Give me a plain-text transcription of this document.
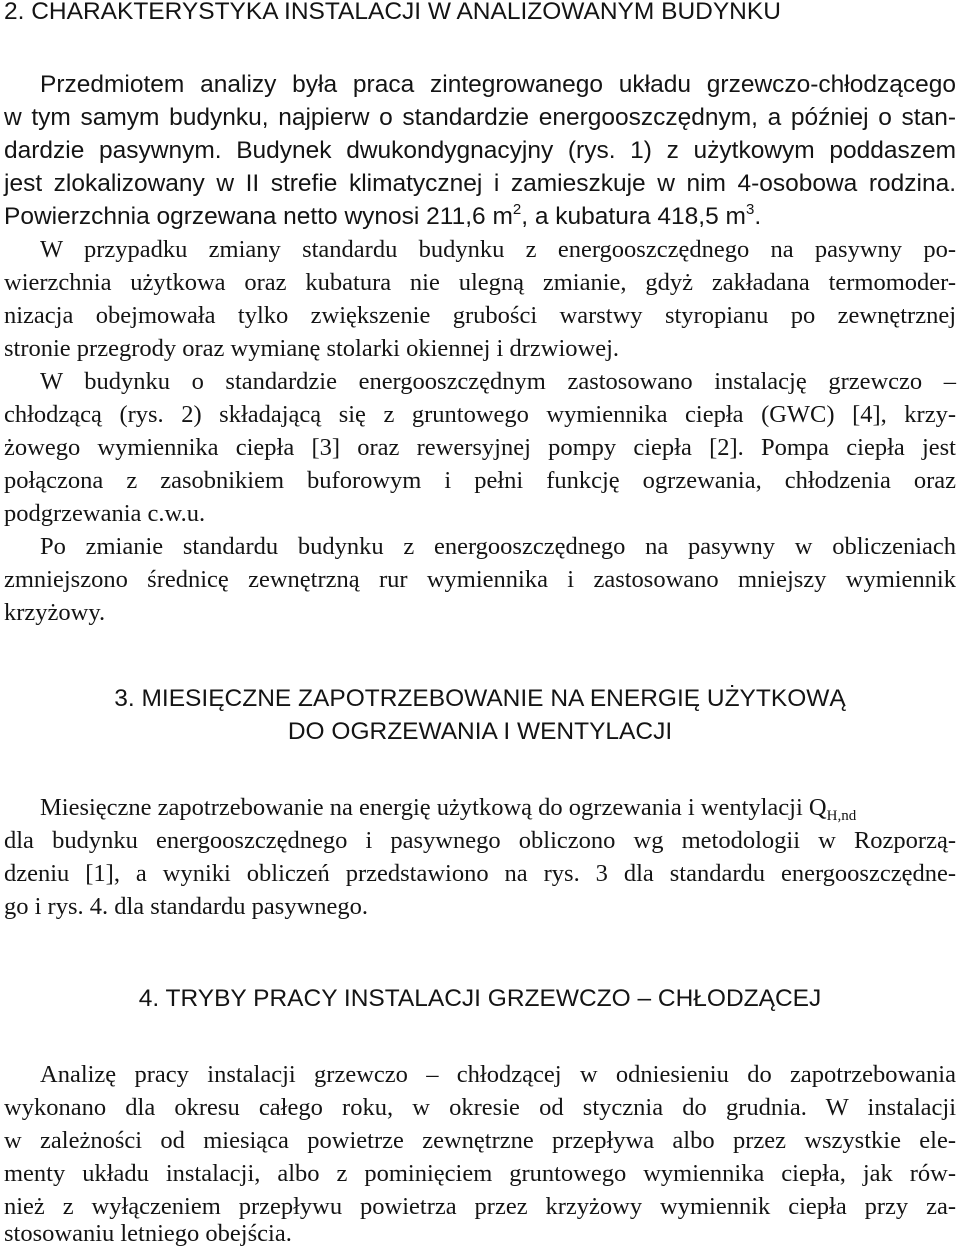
2. CHARAKTERYSTYKA INSTALACJI W ANALIZOWANYM BUDYNKU
Przedmiotem analizy była praca zintegrowanego układu grzewczo-chłodzącego
w tym samym budynku, najpierw o standardzie energooszczędnym, a później o stan-
dardzie pasywnym. Budynek dwukondygnacyjny (rys. 1) z użytkowym poddaszem
jest zlokalizowany w II strefie klimatycznej i zamieszkuje w nim 4-osobowa rodzina.
Powierzchnia ogrzewana netto wynosi 211,6 $m^2$, a kubatura 418,5 $m^3$.
W przypadku zmiany standardu budynku z energooszczędnego na pasywny po-
wierzchnia użytkowa oraz kubatura nie ulegną zmianie, gdyż zakładana termomoder-
nizacja obejmowała tylko zwiększenie grubości warstwy styropianu po zewnętrznej
stronie przegrody oraz wymianę stolarki okiennej i drzwiowej.
W budynku o standardzie energooszczędnym zastosowano instalację grzewczo –
chłodzącą (rys. 2) składającą się z gruntowego wymiennika ciepła (GWC) [4], krzy-
żowego wymiennika ciepła [3] oraz rewersyjnej pompy ciepła [2]. Pompa ciepła jest
połączona z zasobnikiem buforowym i pełni funkcję ogrzewania, chłodzenia oraz
podgrzewania c.w.u.
Po zmianie standardu budynku z energooszczędnego na pasywny w obliczeniach
zmniejszono średnicę zewnętrzną rur wymiennika i zastosowano mniejszy wymiennik
krzyżowy.
3. MIESIĘCZNE ZAPOTRZEBOWANIE NA ENERGIĘ UŻYTKOWĄ
DO OGRZEWANIA I WENTYLACJI
Miesięczne zapotrzebowanie na energię użytkową do ogrzewania i wentylacji $Q_{H,nd}$
dla budynku energooszczędnego i pasywnego obliczono wg metodologii w Rozporzą-
dzeniu [1], a wyniki obliczeń przedstawiono na rys. 3 dla standardu energooszczędne-
go i rys. 4. dla standardu pasywnego.
4. TRYBY PRACY INSTALACJI GRZEWCZO – CHŁODZĄCEJ
Analizę pracy instalacji grzewczo – chłodzącej w odniesieniu do zapotrzebowania
wykonano dla okresu całego roku, w okresie od stycznia do grudnia. W instalacji
w zależności od miesiąca powietrze zewnętrzne przepływa albo przez wszystkie ele-
menty układu instalacji, albo z pominięciem gruntowego wymiennika ciepła, jak rów-
nież z wyłączeniem przepływu powietrza przez krzyżowy wymiennik ciepła przy za-
stosowaniu letniego obejścia.
